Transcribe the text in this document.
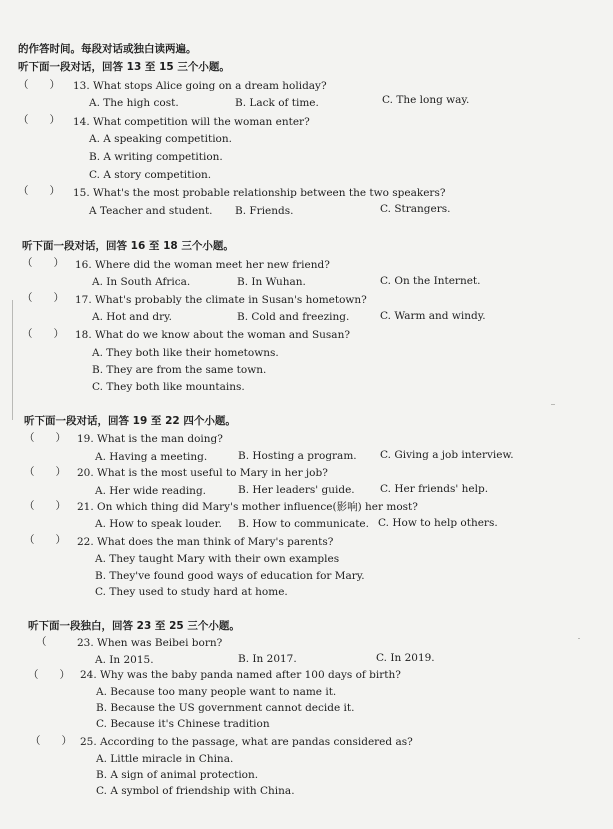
的作答时间。每段对话或独白读两遍。
听下面一段对话，回答 13 至 15 三个小题。
（　　） 13. What stops Alice going on a dream holiday?
A. The high cost.	B. Lack of time.	C. The long way.
（　　） 14. What competition will the woman enter?
A. A speaking competition.
B. A writing competition.
C. A story competition.
（　　） 15. What's the most probable relationship between the two speakers?
A Teacher and student. B. Friends.	C. Strangers.
听下面一段对话，回答 16 至 18 三个小题。
（　　） 16. Where did the woman meet her new friend?
A. In South Africa.	B. In Wuhan.	C. On the Internet.
（　　） 17. What's probably the climate in Susan's hometown?
A. Hot and dry.	B. Cold and freezing.	C. Warm and windy.
（　　） 18. What do we know about the woman and Susan?
A. They both like their hometowns.
B. They are from the same town.
C. They both like mountains.
听下面一段对话，回答 19 至 22 四个小题。
（　　） 19. What is the man doing?
A. Having a meeting.	B. Hosting a program. C. Giving a job interview.
（　　） 20. What is the most useful to Mary in her job?
A. Her wide reading.	B. Her leaders' guide. C. Her friends' help.
（　　） 21. On which thing did Mary's mother influence(影响) her most?
A. How to speak louder. B. How to communicate. C. How to help others.
（　　） 22. What does the man think of Mary's parents?
A. They taught Mary with their own examples
B. They've found good ways of education for Mary.
C. They used to study hard at home.
听下面一段独白，回答 23 至 25 三个小题。
（	23. When was Beibei born?
A. In 2015.	B. In 2017.	C. In 2019.
（　　） 24. Why was the baby panda named after 100 days of birth?
A. Because too many people want to name it.
B. Because the US government cannot decide it.
C. Because it's Chinese tradition
（　　） 25. According to the passage, what are pandas considered as?
A. Little miracle in China.
B. A sign of animal protection.
C. A symbol of friendship with China.
